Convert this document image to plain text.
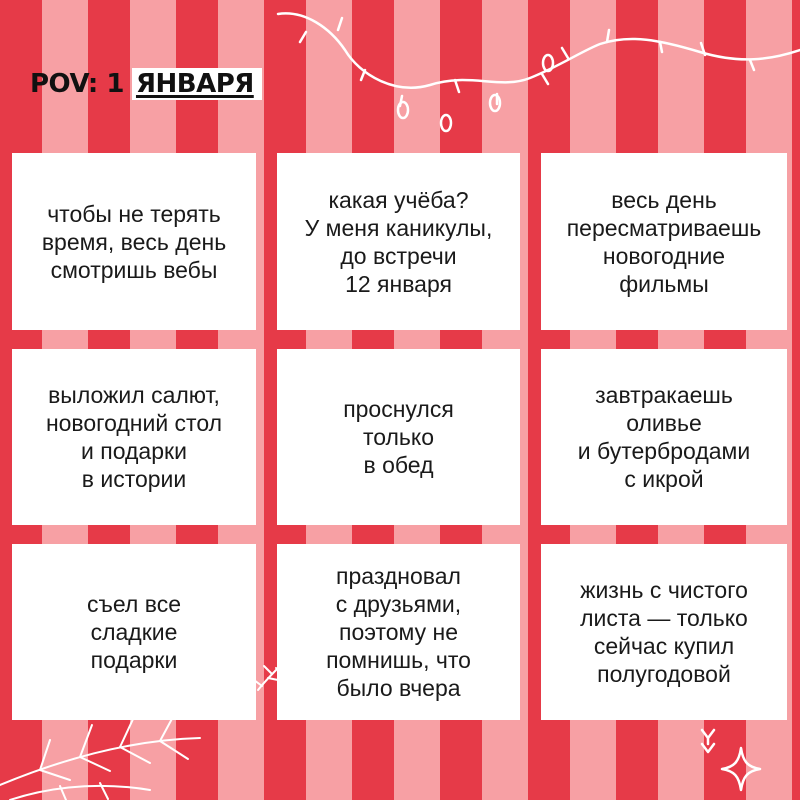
POV: 1 ЯНВАРЯ
чтобы не терять
время, весь день
смотришь вебы
какая учёба?
У меня каникулы,
до встречи
12 января
весь день
пересматриваешь
новогодние
фильмы
выложил салют,
новогодний стол
и подарки
в истории
проснулся
только
в обед
завтракаешь
оливье
и бутербродами
с икрой
съел все
сладкие
подарки
праздновал
с друзьями,
поэтому не
помнишь, что
было вчера
жизнь с чистого
листа — только
сейчас купил
полугодовой
